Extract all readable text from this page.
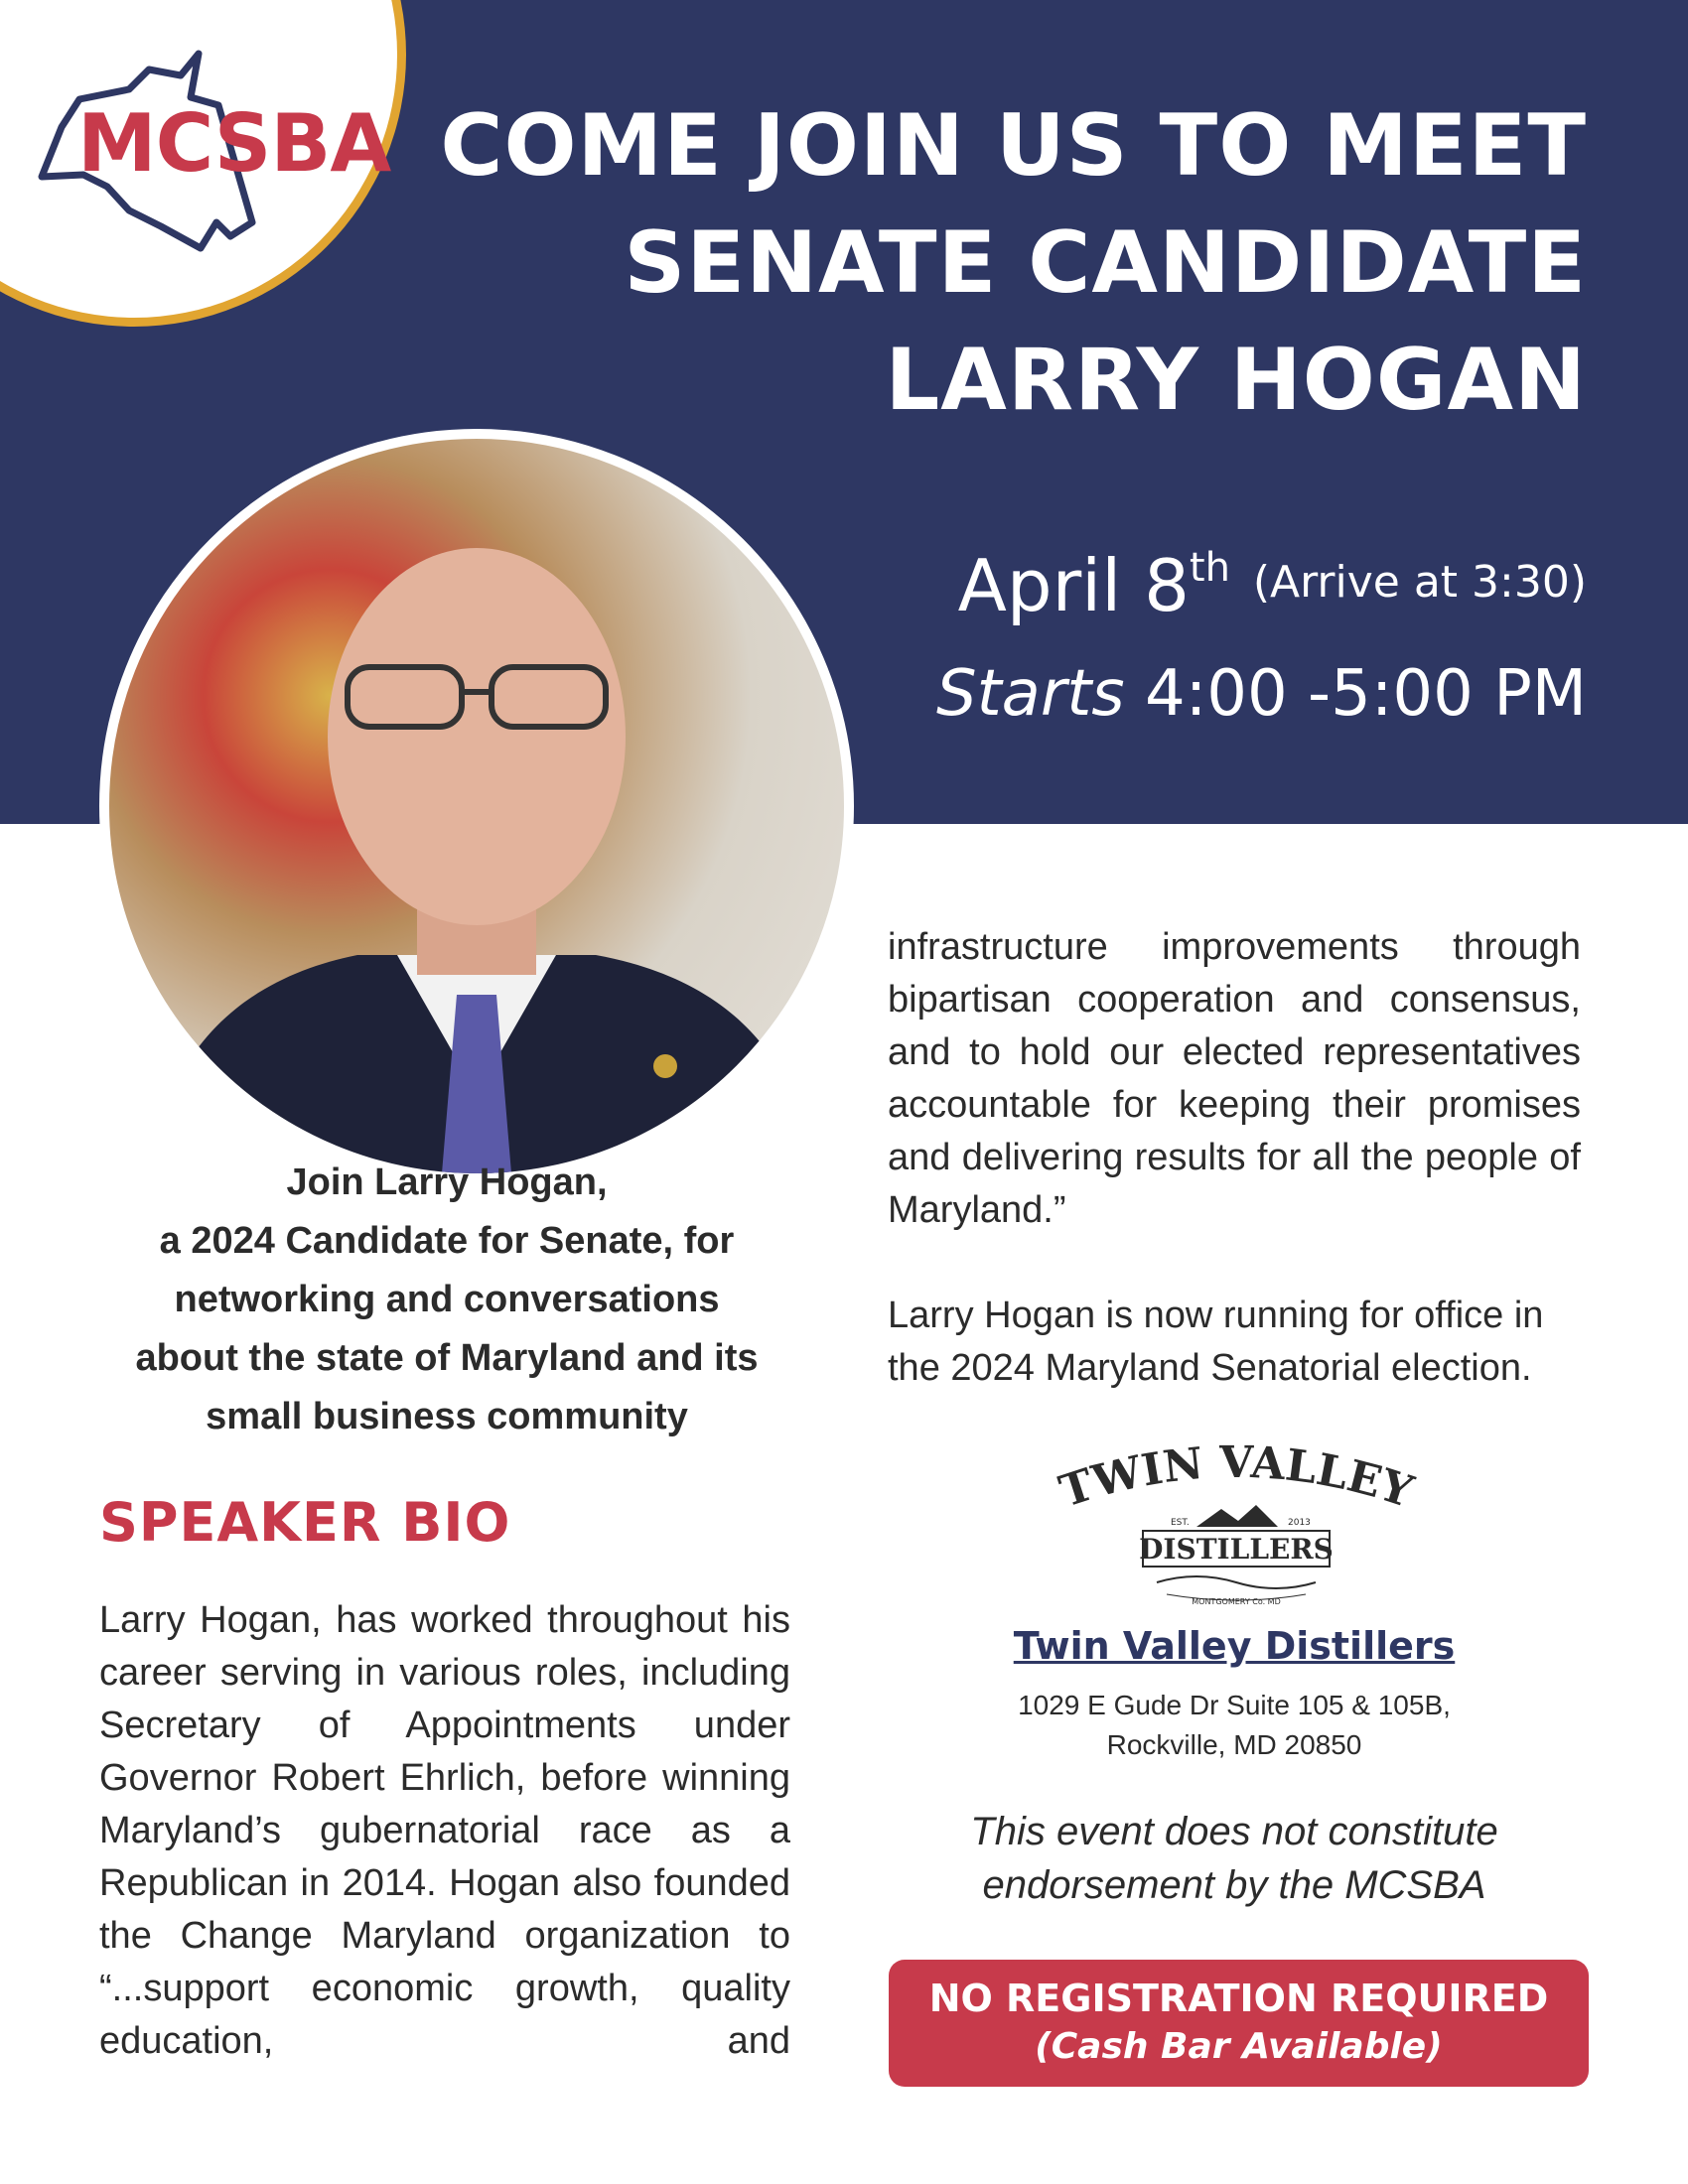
MCSBA COME JOIN US TO MEET
SENATE CANDIDATE
LARRY HOGAN
April 8th (Arrive at 3:30)
Starts 4:00 -5:00 PM
Join Larry Hogan,
a 2024 Candidate for Senate, for
networking and conversations
about the state of Maryland and its
small business community
SPEAKER BIO
Larry Hogan, has worked throughout his career serving in various roles, including Secretary of Appointments under Governor Robert Ehrlich, before winning Maryland’s gubernatorial race as a Republican in 2014. Hogan also founded the Change Maryland organization to “...support economic growth, quality education, and

infrastructure improvements through bipartisan cooperation and consensus, and to hold our elected representatives accountable for keeping their promises and delivering results for all the people of Maryland.”

Larry Hogan is now running for office in the 2024 Maryland Senatorial election.

TWIN VALLEY
EST.	2013
DISTILLERS
MONTGOMERY Co. MD
Twin Valley Distillers
1029 E Gude Dr Suite 105 & 105B,
Rockville, MD 20850
This event does not constitute
endorsement by the MCSBA
NO REGISTRATION REQUIRED
(Cash Bar Available)
